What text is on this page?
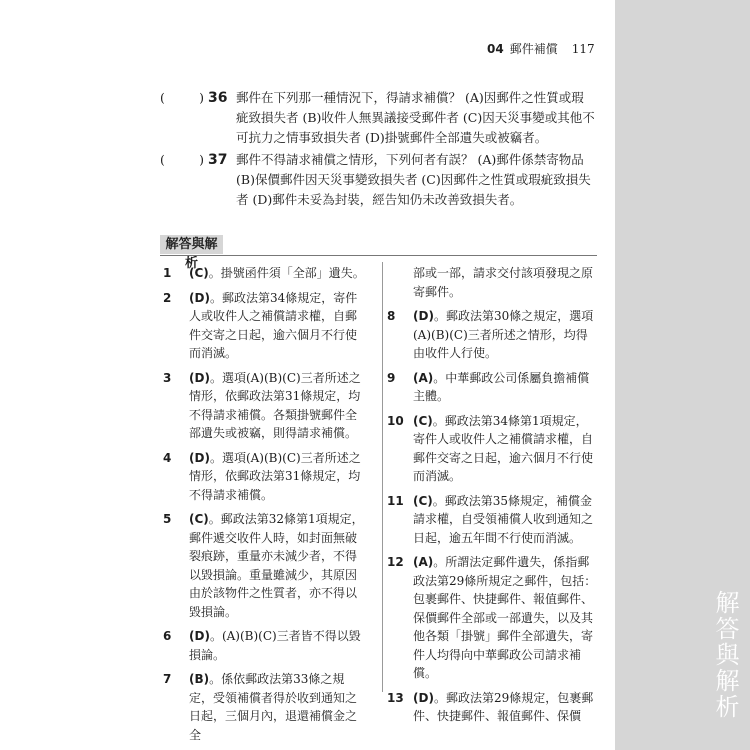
解答與解析
04 郵件補償 117
(	) 36 郵件在下列那一種情況下，得請求補償？ (A)因郵件之性質或瑕疵致損失者 (B)收件人無異議接受郵件者 (C)因天災事變或其他不可抗力之情事致損失者 (D)掛號郵件全部遺失或被竊者。
(	) 37 郵件不得請求補償之情形，下列何者有誤？ (A)郵件係禁寄物品 (B)保價郵件因天災事變致損失者 (C)因郵件之性質或瑕疵致損失者 (D)郵件未妥為封裝，經告知仍未改善致損失者。
解答與解析
1 (C)。掛號函件須「全部」遺失。
2 (D)。郵政法第34條規定，寄件人或收件人之補償請求權，自郵件交寄之日起，逾六個月不行使而消滅。
3 (D)。選項(A)(B)(C)三者所述之情形，依郵政法第31條規定，均不得請求補償。各類掛號郵件全部遺失或被竊，則得請求補償。
4 (D)。選項(A)(B)(C)三者所述之情形，依郵政法第31條規定，均不得請求補償。
5 (C)。郵政法第32條第1項規定，郵件遞交收件人時，如封面無破裂痕跡，重量亦未減少者，不得以毀損論。重量雖減少，其原因由於該物件之性質者，亦不得以毀損論。
6 (D)。(A)(B)(C)三者皆不得以毀損論。
7 (B)。係依郵政法第33條之規定，受領補償者得於收到通知之日起，三個月內，退還補償金之全
部或一部，請求交付該項發現之原寄郵件。
8 (D)。郵政法第30條之規定，選項(A)(B)(C)三者所述之情形，均得由收件人行使。
9 (A)。中華郵政公司係屬負擔補償主體。
10 (C)。郵政法第34條第1項規定，寄件人或收件人之補償請求權，自郵件交寄之日起，逾六個月不行使而消滅。
11 (C)。郵政法第35條規定，補償金請求權，自受領補償人收到通知之日起，逾五年間不行使而消滅。
12 (A)。所謂法定郵件遺失，係指郵政法第29條所規定之郵件，包括：包裹郵件、快捷郵件、報值郵件、保價郵件全部或一部遺失，以及其他各類「掛號」郵件全部遺失，寄件人均得向中華郵政公司請求補償。
13 (D)。郵政法第29條規定，包裹郵件、快捷郵件、報值郵件、保價
